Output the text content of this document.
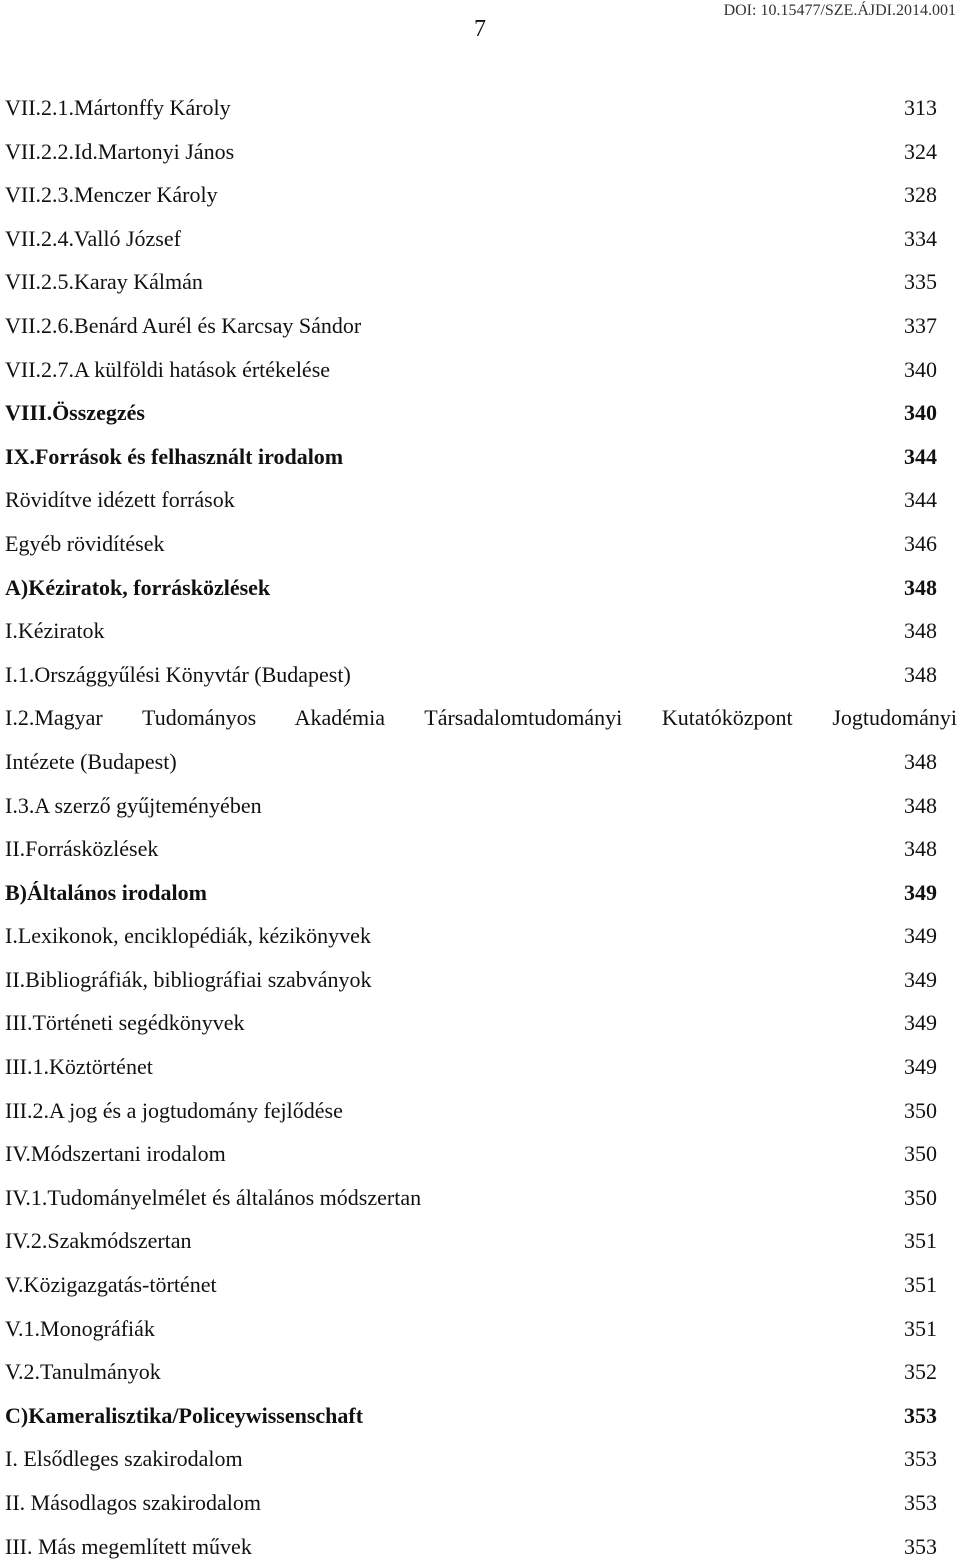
DOI: 10.15477/SZE.ÁJDI.2014.001
7
VII.2.1.Mártonffy Károly	313
VII.2.2.Id.Martonyi János	324
VII.2.3.Menczer Károly	328
VII.2.4.Valló József	334
VII.2.5.Karay Kálmán	335
VII.2.6.Benárd Aurél és Karcsay Sándor	337
VII.2.7.A külföldi hatások értékelése	340
VIII.Összegzés	340
IX.Források és felhasznált irodalom	344
Rövidítve idézett források	344
Egyéb rövidítések	346
A)Kéziratok, forrásközlések	348
I.Kéziratok	348
I.1.Országgyűlési Könyvtár (Budapest)	348
I.2.Magyar Tudományos Akadémia Társadalomtudományi Kutatóközpont Jogtudományi
Intézete (Budapest)	348
I.3.A szerző gyűjteményében	348
II.Forrásközlések	348
B)Általános irodalom	349
I.Lexikonok, enciklopédiák, kézikönyvek	349
II.Bibliográfiák, bibliográfiai szabványok	349
III.Történeti segédkönyvek	349
III.1.Köztörténet	349
III.2.A jog és a jogtudomány fejlődése	350
IV.Módszertani irodalom	350
IV.1.Tudományelmélet és általános módszertan	350
IV.2.Szakmódszertan	351
V.Közigazgatás-történet	351
V.1.Monográfiák	351
V.2.Tanulmányok	352
C)Kameralisztika/Policeywissenschaft	353
I. Elsődleges szakirodalom	353
II. Másodlagos szakirodalom	353
III. Más megemlített művek	353
